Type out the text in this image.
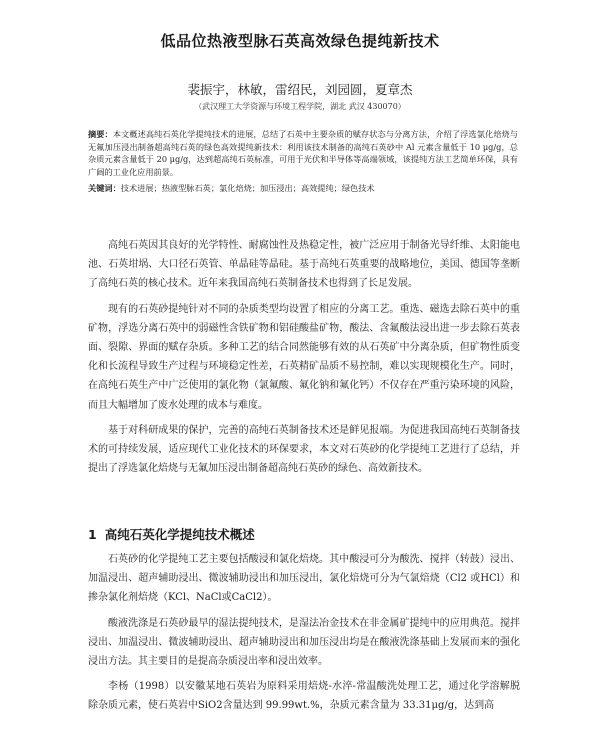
低品位热液型脉石英高效绿色提纯新技术
裴振宇，林敏，雷绍民，刘园圆，夏章杰
（武汉理工大学资源与环境工程学院，湖北 武汉 430070）
摘要：本文概述高纯石英化学提纯技术的进展，总结了石英中主要杂质的赋存状态与分离方法，介绍了浮选氯化焙烧与无氟加压浸出制备超高纯石英的绿色高效提纯新技术：利用该技术制备的高纯石英砂中 Al 元素含量低于 10 μg/g，总杂质元素含量低于 20 μg/g，达到超高纯石英标准，可用于光伏和半导体等高端领域，该提纯方法工艺简单环保，具有广阔的工业化应用前景。
关键词：技术进展；热液型脉石英；氯化焙烧；加压浸出；高效提纯；绿色技术

高纯石英因其良好的光学特性、耐腐蚀性及热稳定性，被广泛应用于制备光导纤维、太阳能电池、石英坩埚、大口径石英管、单晶硅等晶硅。基于高纯石英重要的战略地位，美国、德国等垄断了高纯石英的核心技术。近年来我国高纯石英制备技术也得到了长足发展。

现有的石英砂提纯针对不同的杂质类型均设置了相应的分离工艺。重选、磁选去除石英中的重矿物，浮选分离石英中的弱磁性含铁矿物和铝硅酸盐矿物，酸法、含氟酸法浸出进一步去除石英表面、裂隙、界面的赋存杂质。多种工艺的结合同然能够有效的从石英矿中分离杂质，但矿物性质变化和长流程导致生产过程与环境稳定性差，石英精矿品质不易控制，难以实现规模化生产。同时，在高纯石英生产中广泛使用的氯化物（氯氟酸、氟化钠和氟化钙）不仅存在严重污染环境的风险，而且大幅增加了废水处理的成本与难度。

基于对科研成果的保护，完善的高纯石英制备技术还是鲜见报端。为促进我国高纯石英制备技术的可持续发展，适应现代工业化技术的环保要求，本文对石英砂的化学提纯工艺进行了总结，并提出了浮选氯化焙烧与无氟加压浸出制备超高纯石英砂的绿色、高效新技术。

1 高纯石英化学提纯技术概述

石英砂的化学提纯工艺主要包括酸浸和氯化焙烧。其中酸浸可分为酸洗、搅拌（转鼓）浸出、加温浸出、超声辅助浸出、微波辅助浸出和加压浸出，氯化焙烧可分为气氯焙烧（Cl2 或HCl）和掺杂氯化剂焙烧（KCl、NaCl或CaCl2）。

酸液洗涤是石英砂最早的湿法提纯技术，是湿法冶金技术在非金属矿提纯中的应用典范。搅拌浸出、加温浸出、微波辅助浸出、超声辅助浸出和加压浸出均是在酸液洗涤基础上发展而来的强化浸出方法。其主要目的是提高杂质浸出率和浸出效率。

李杨（1998）以安徽某地石英岩为原料采用焙烧-水淬-常温酸洗处理工艺，通过化学溶解脱除杂质元素，使石英岩中SiO2含量达到 99.99wt.%，杂质元素含量为 33.31μg/g，达到高
